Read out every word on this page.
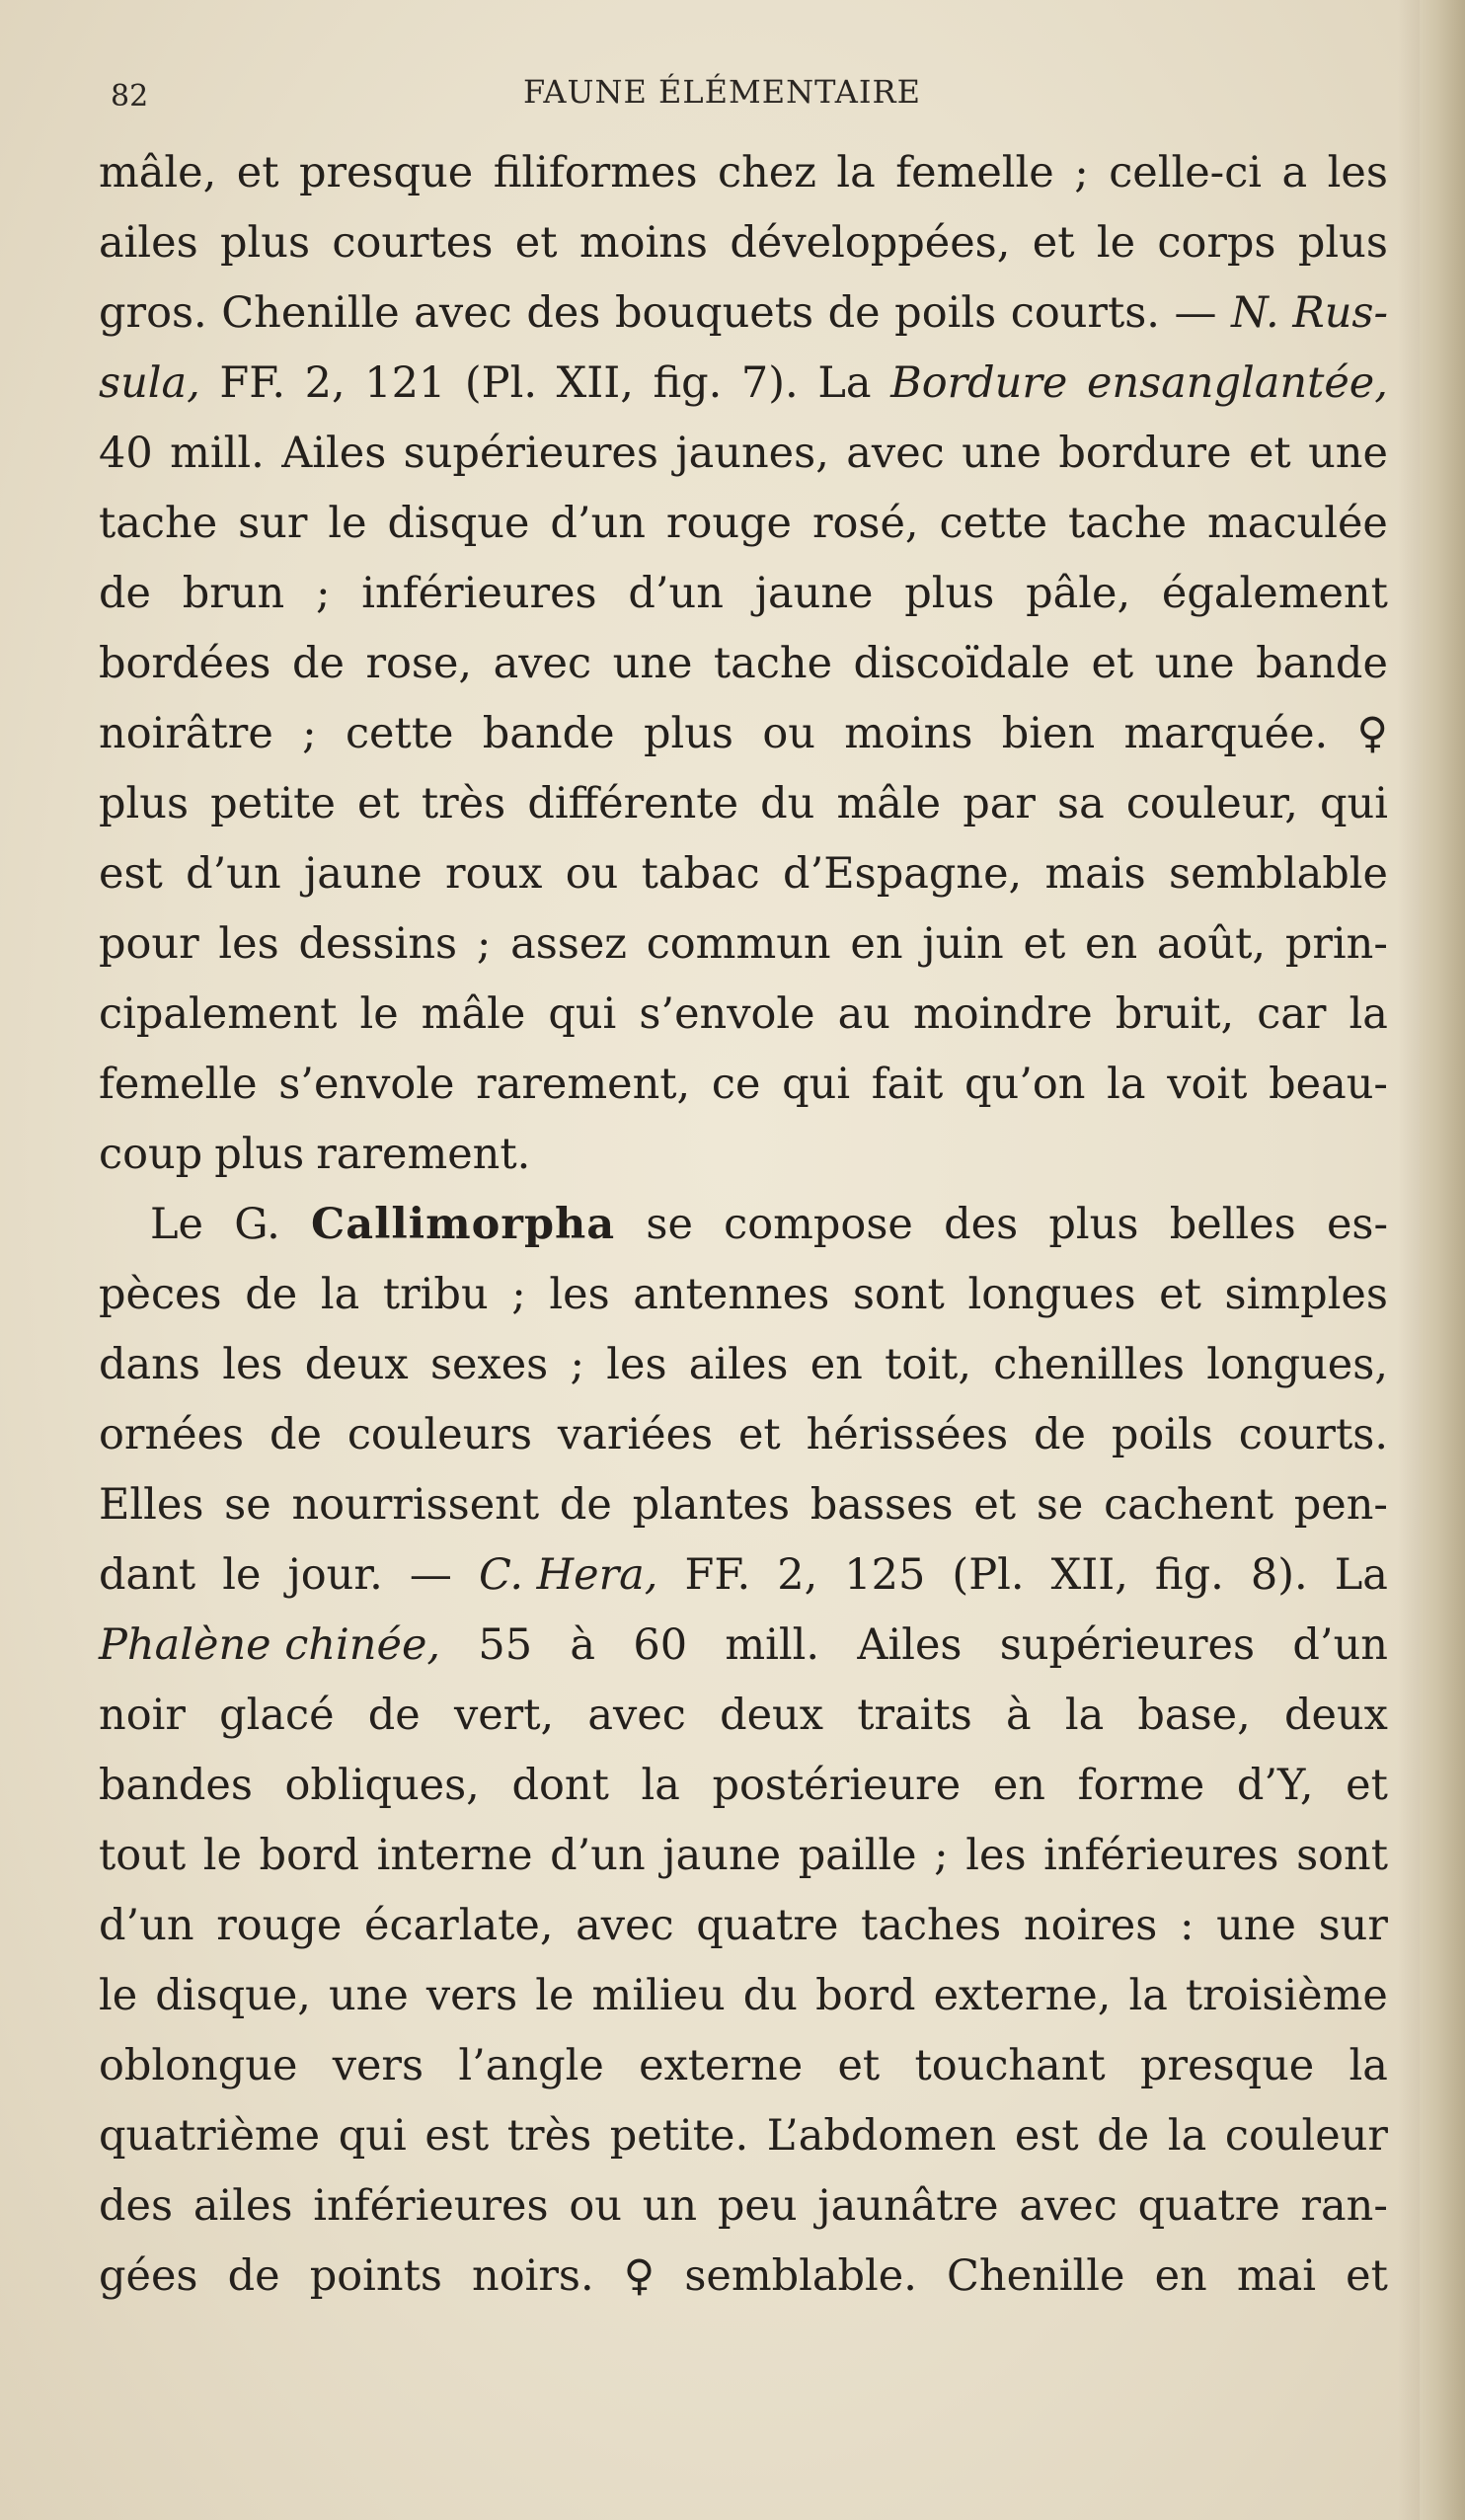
82	FAUNE ÉLÉMENTAIRE
mâle, et presque filiformes chez la femelle ; celle-ci a les
ailes plus courtes et moins développées, et le corps plus
gros. Chenille avec des bouquets de poils courts. — N. Rus-
sula, FF. 2, 121 (Pl. XII, fig. 7). La Bordure ensanglantée,
40 mill. Ailes supérieures jaunes, avec une bordure et une
tache sur le disque d’un rouge rosé, cette tache maculée
de brun ; inférieures d’un jaune plus pâle, également
bordées de rose, avec une tache discoïdale et une bande
noirâtre ; cette bande plus ou moins bien marquée. ♀
plus petite et très différente du mâle par sa couleur, qui
est d’un jaune roux ou tabac d’Espagne, mais semblable
pour les dessins ; assez commun en juin et en août, prin-
cipalement le mâle qui s’envole au moindre bruit, car la
femelle s’envole rarement, ce qui fait qu’on la voit beau-
coup plus rarement.
Le G. Callimorpha se compose des plus belles es-
pèces de la tribu ; les antennes sont longues et simples
dans les deux sexes ; les ailes en toit, chenilles longues,
ornées de couleurs variées et hérissées de poils courts.
Elles se nourrissent de plantes basses et se cachent pen-
dant le jour. — C. Hera, FF. 2, 125 (Pl. XII, fig. 8). La
Phalène chinée, 55 à 60 mill. Ailes supérieures d’un
noir glacé de vert, avec deux traits à la base, deux
bandes obliques, dont la postérieure en forme d’Y, et
tout le bord interne d’un jaune paille ; les inférieures sont
d’un rouge écarlate, avec quatre taches noires : une sur
le disque, une vers le milieu du bord externe, la troisième
oblongue vers l’angle externe et touchant presque la
quatrième qui est très petite. L’abdomen est de la couleur
des ailes inférieures ou un peu jaunâtre avec quatre ran-
gées de points noirs. ♀ semblable. Chenille en mai et
